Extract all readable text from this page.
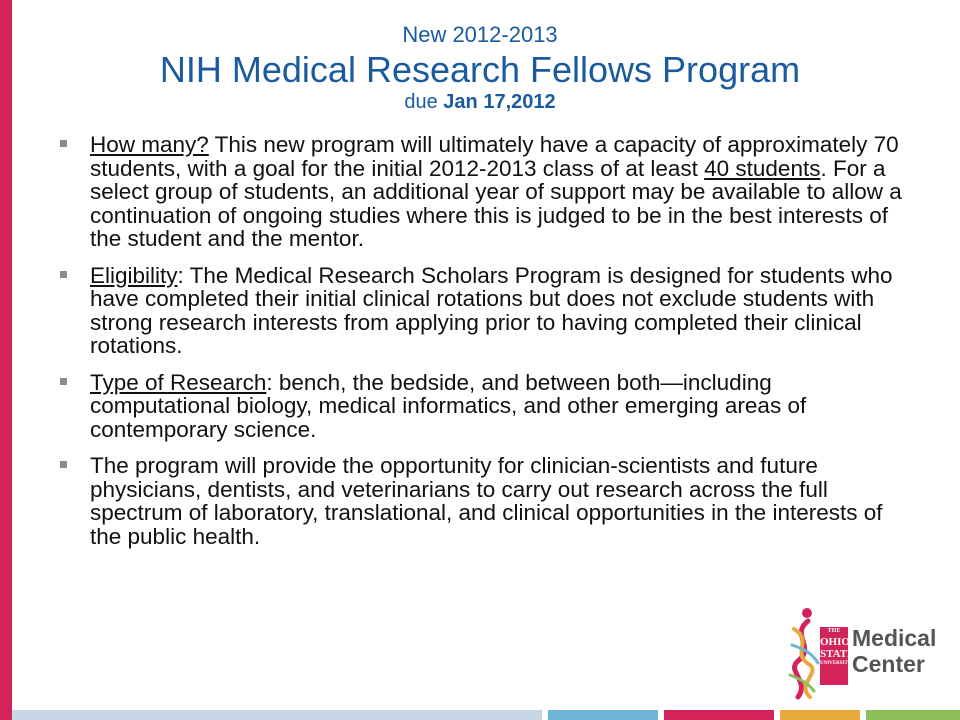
New 2012-2013
NIH Medical Research Fellows Program
due Jan 17,2012
How many? This new program will ultimately have a capacity of approximately 70 students, with a goal for the initial 2012-2013 class of at least 40 students. For a select group of students, an additional year of support may be available to allow a continuation of ongoing studies where this is judged to be in the best interests of the student and the mentor.
Eligibility: The Medical Research Scholars Program is designed for students who have completed their initial clinical rotations but does not exclude students with strong research interests from applying prior to having completed their clinical rotations.
Type of Research: bench, the bedside, and between both—including computational biology, medical informatics, and other emerging areas of contemporary science.
The program will provide the opportunity for clinician-scientists and future physicians, dentists, and veterinarians to carry out research across the full spectrum of laboratory, translational, and clinical opportunities in the interests of the public health.
THE
OHIO
STATE
UNIVERSITY
Medical
Center
